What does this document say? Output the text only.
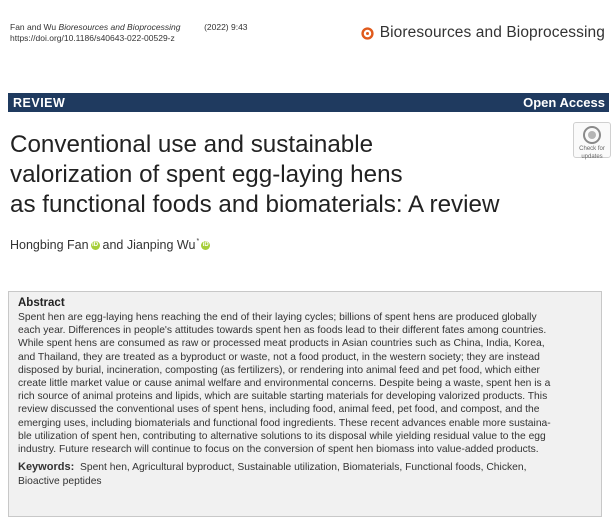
Fan and Wu Bioresources and Bioprocessing	(2022) 9:43
https://doi.org/10.1186/s40643-022-00529-z	Bioresources and Bioprocessing
REVIEW	Open Access
Conventional use and sustainable
valorization of spent egg-laying hens
as functional foods and biomaterials: A review
Check for
updates
Hongbing Fan iD and
Jianping Wu * iD
Abstract

Spent hen are egg-laying hens reaching the end of their laying cycles; billions of spent hens are produced globally
each year. Differences in people's attitudes towards spent hen as foods lead to their different fates among countries.
While spent hens are consumed as raw or processed meat products in Asian countries such as China, India, Korea,
and Thailand, they are treated as a byproduct or waste, not a food product, in the western society; they are instead
disposed by burial, incineration, composting (as fertilizers), or rendering into animal feed and pet food, which either
create little market value or cause animal welfare and environmental concerns. Despite being a waste, spent hen is a
rich source of animal proteins and lipids, which are suitable starting materials for developing valorized products. This
review discussed the conventional uses of spent hens, including food, animal feed, pet food, and compost, and the
emerging uses, including biomaterials and functional food ingredients. These recent advances enable more sustaina-
ble utilization of spent hen, contributing to alternative solutions to its disposal while yielding residual value to the egg
industry. Future research will continue to focus on the conversion of spent hen biomass into value-added products.

Keywords: Spent hen, Agricultural byproduct, Sustainable utilization, Biomaterials, Functional foods, Chicken,
Bioactive peptides
